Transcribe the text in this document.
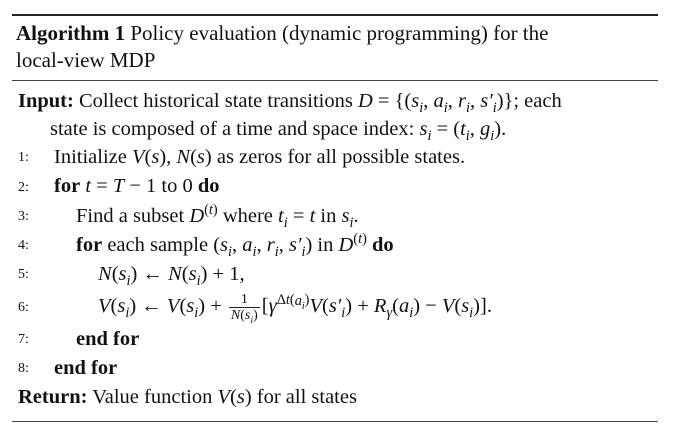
Algorithm 1 Policy evaluation (dynamic programming) for the
local-view MDP
Input: Collect historical state transitions $D = \{(s_i$, $a_i$, $r_i$, $s'_i$)}; each
state is composed of a time and space index: $s_i = (t_i$, $g_i$).
1: Initialize V(s), N(s) as zeros for all possible states.
2: for t = T − 1 to 0 do
3: Find a subset $D^{(t)}$ where $t_i = t$ in $s_i$.
4: for each sample ($s_i$, $a_i$, $r_i$, $s'_i$) in $D^{(t)}$ do
5:	$N(s_i)$ ← $N(s_i) + 1$,
6:	$V(s_i)$ ← $V(s_i) + \frac{1}{N(s_i)} [\gamma^{\Delta t(a_i)}V(s'_i) + R_\gamma(a_i) - V(s_i)]$.
7: end for
8: end for
Return: Value function V(s) for all states
